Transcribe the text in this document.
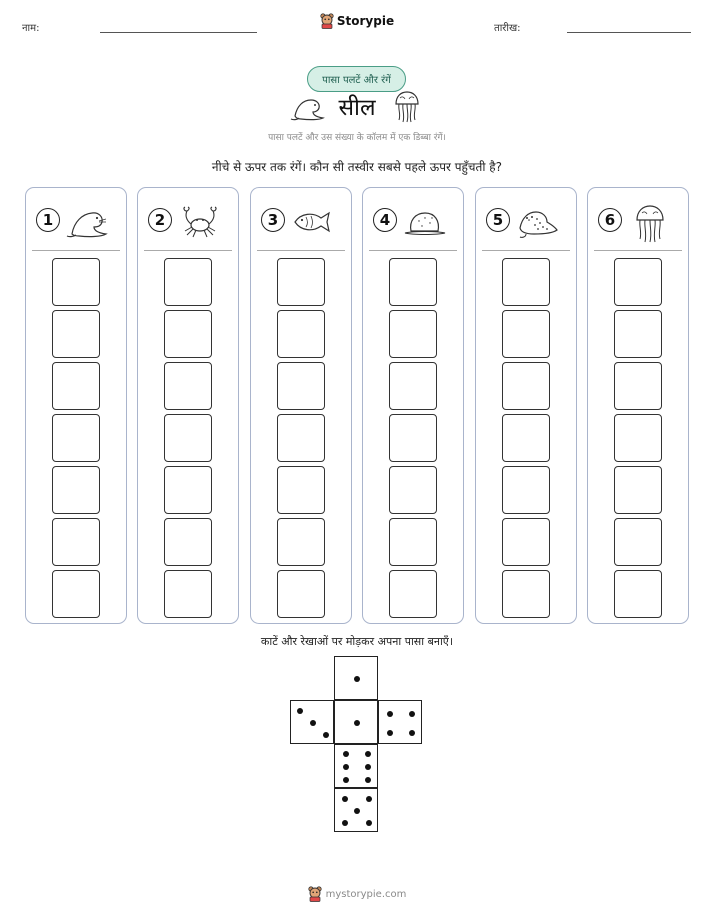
नाम:
Storypie
तारीख:
पासा पलटें और रंगें
सील
पासा पलटें और उस संख्या के कॉलम में एक डिब्बा रंगें।
नीचे से ऊपर तक रंगें। कौन सी तस्वीर सबसे पहले ऊपर पहुँचती है?
1	2	3	4	5	6
काटें और रेखाओं पर मोड़कर अपना पासा बनाएँ।
mystorypie.com
